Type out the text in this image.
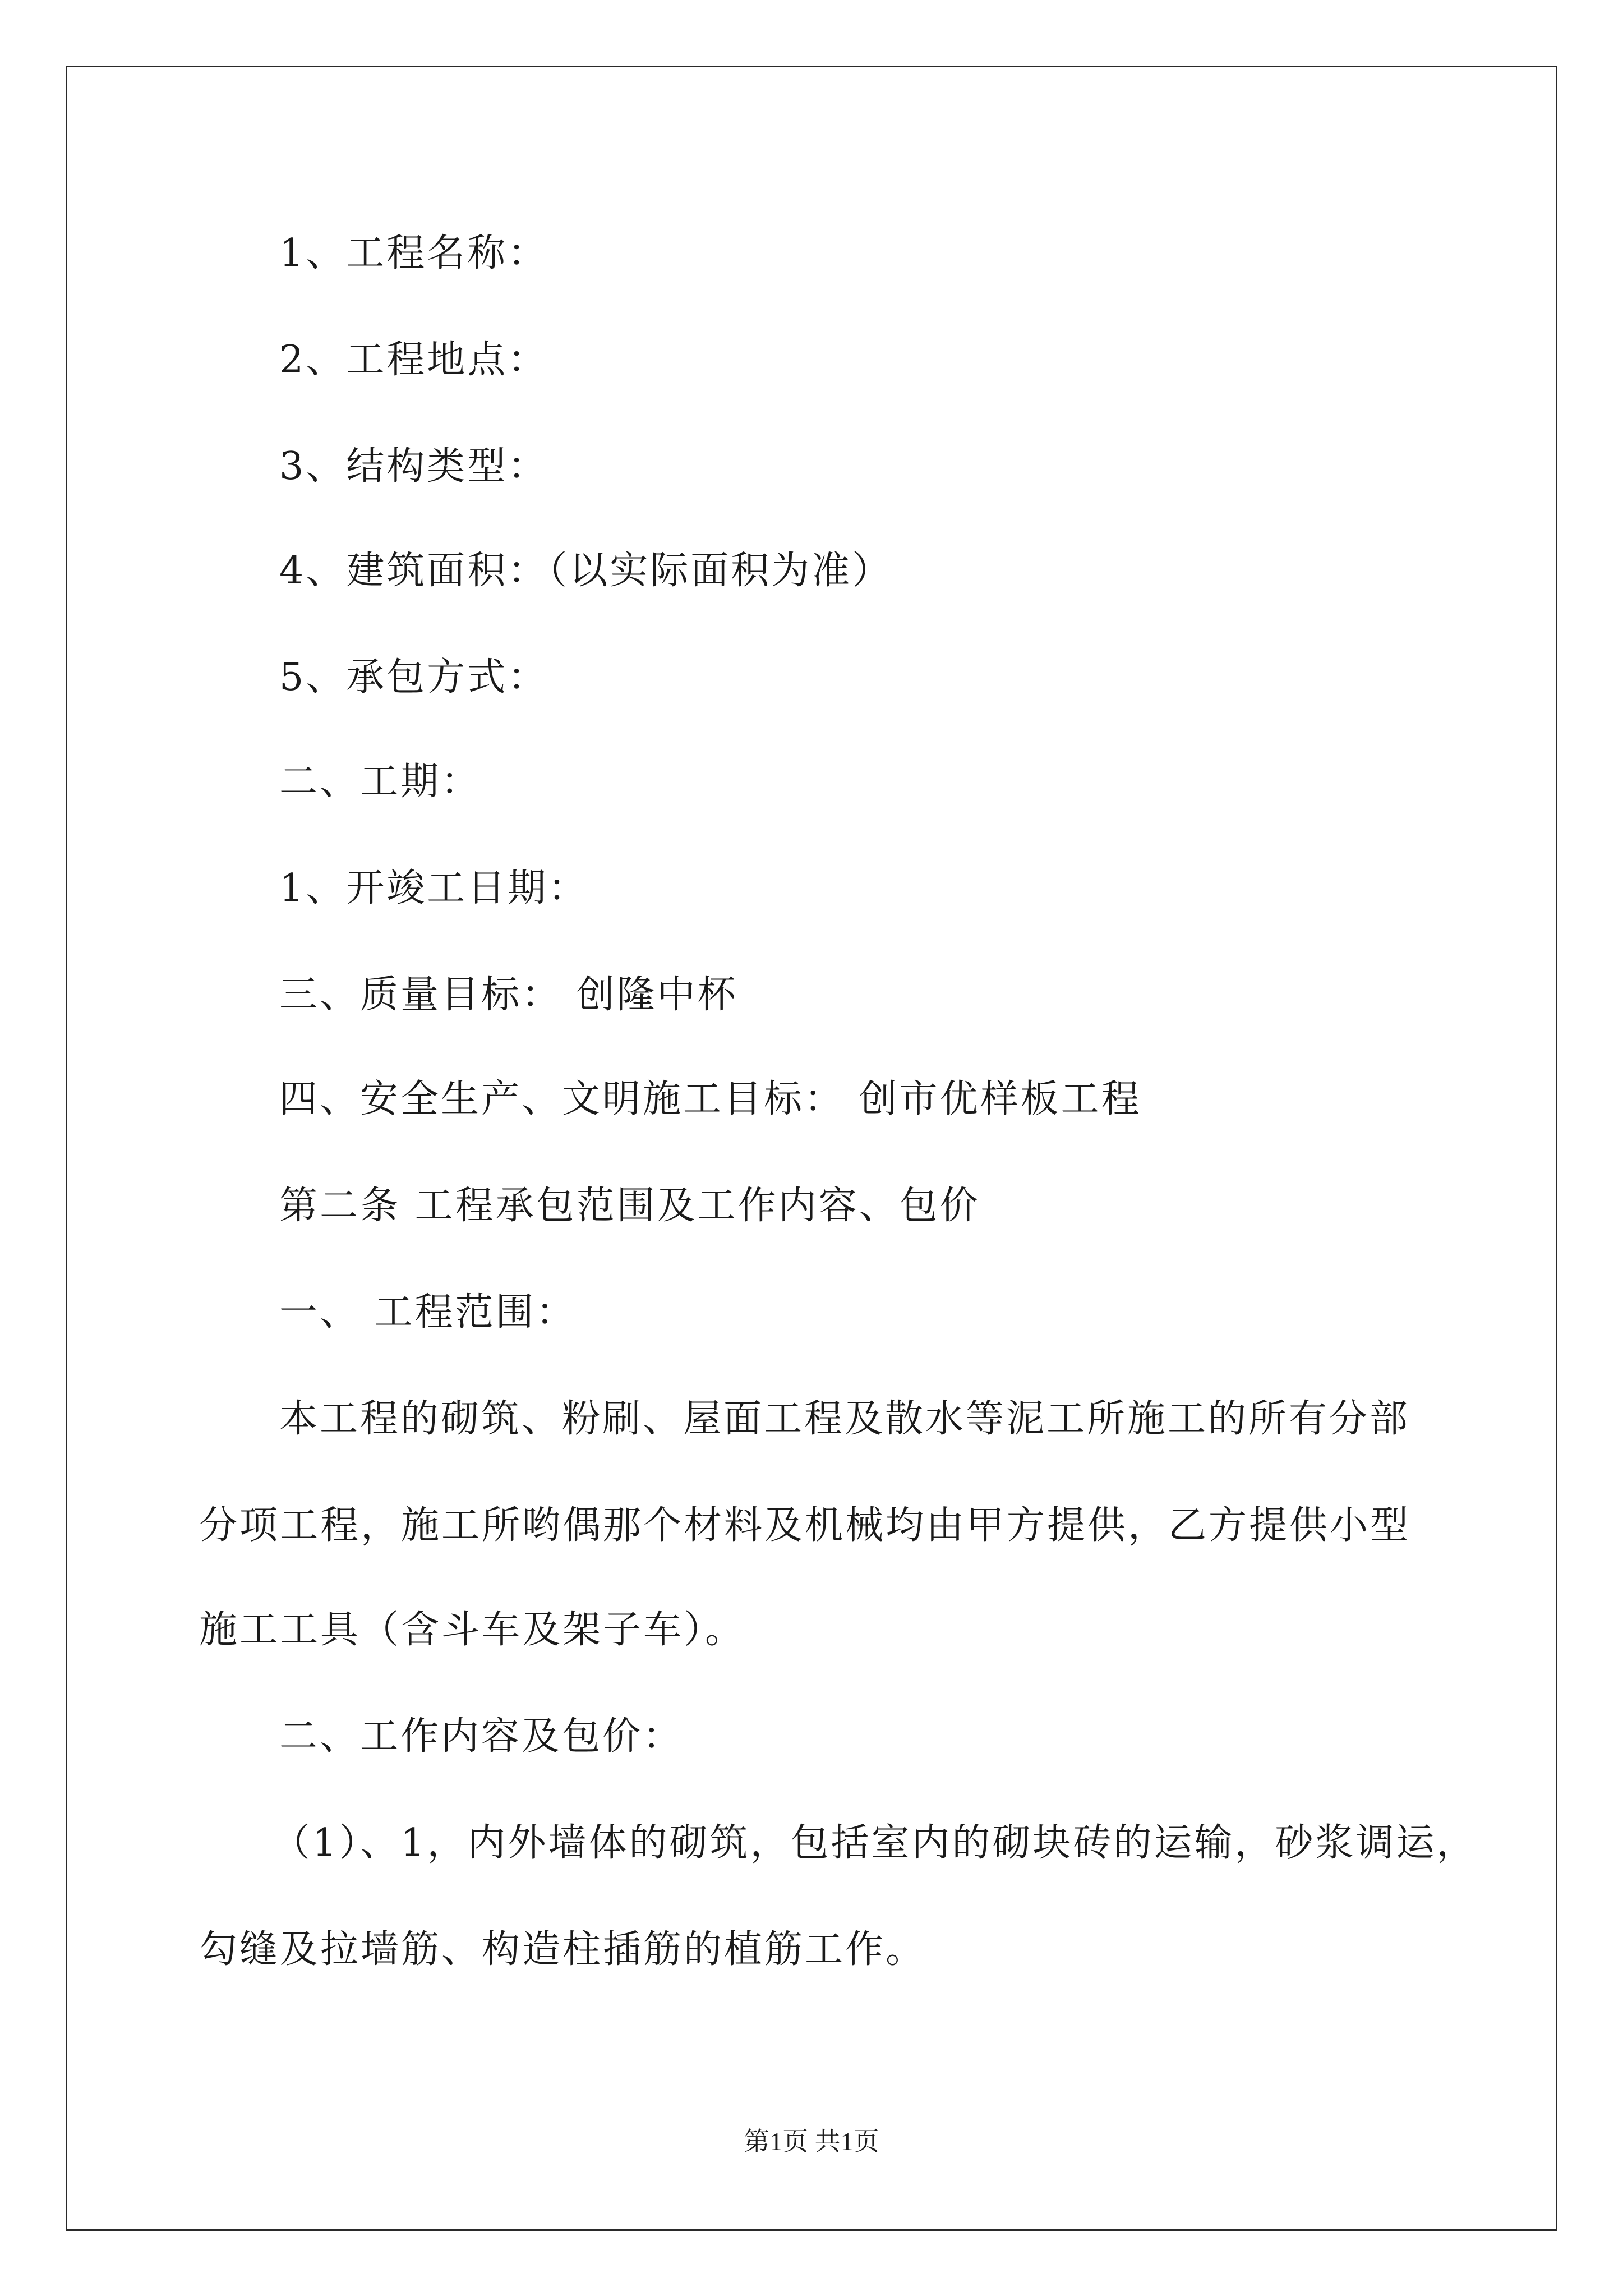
1、工程名称：
2、工程地点：
3、结构类型：
4、建筑面积：（以实际面积为准）
5、承包方式：
二、工期：
1、开竣工日期：
三、质量目标： 创隆中杯
四、安全生产、文明施工目标： 创市优样板工程
第二条 工程承包范围及工作内容、包价
一、 工程范围：
本工程的砌筑、粉刷、屋面工程及散水等泥工所施工的所有分部
分项工程，施工所哟偶那个材料及机械均由甲方提供，乙方提供小型
施工工具（含斗车及架子车）。
二、工作内容及包价：
（1）、1，内外墙体的砌筑，包括室内的砌块砖的运输，砂浆调运，
勾缝及拉墙筋、构造柱插筋的植筋工作。
第1页 共1页
